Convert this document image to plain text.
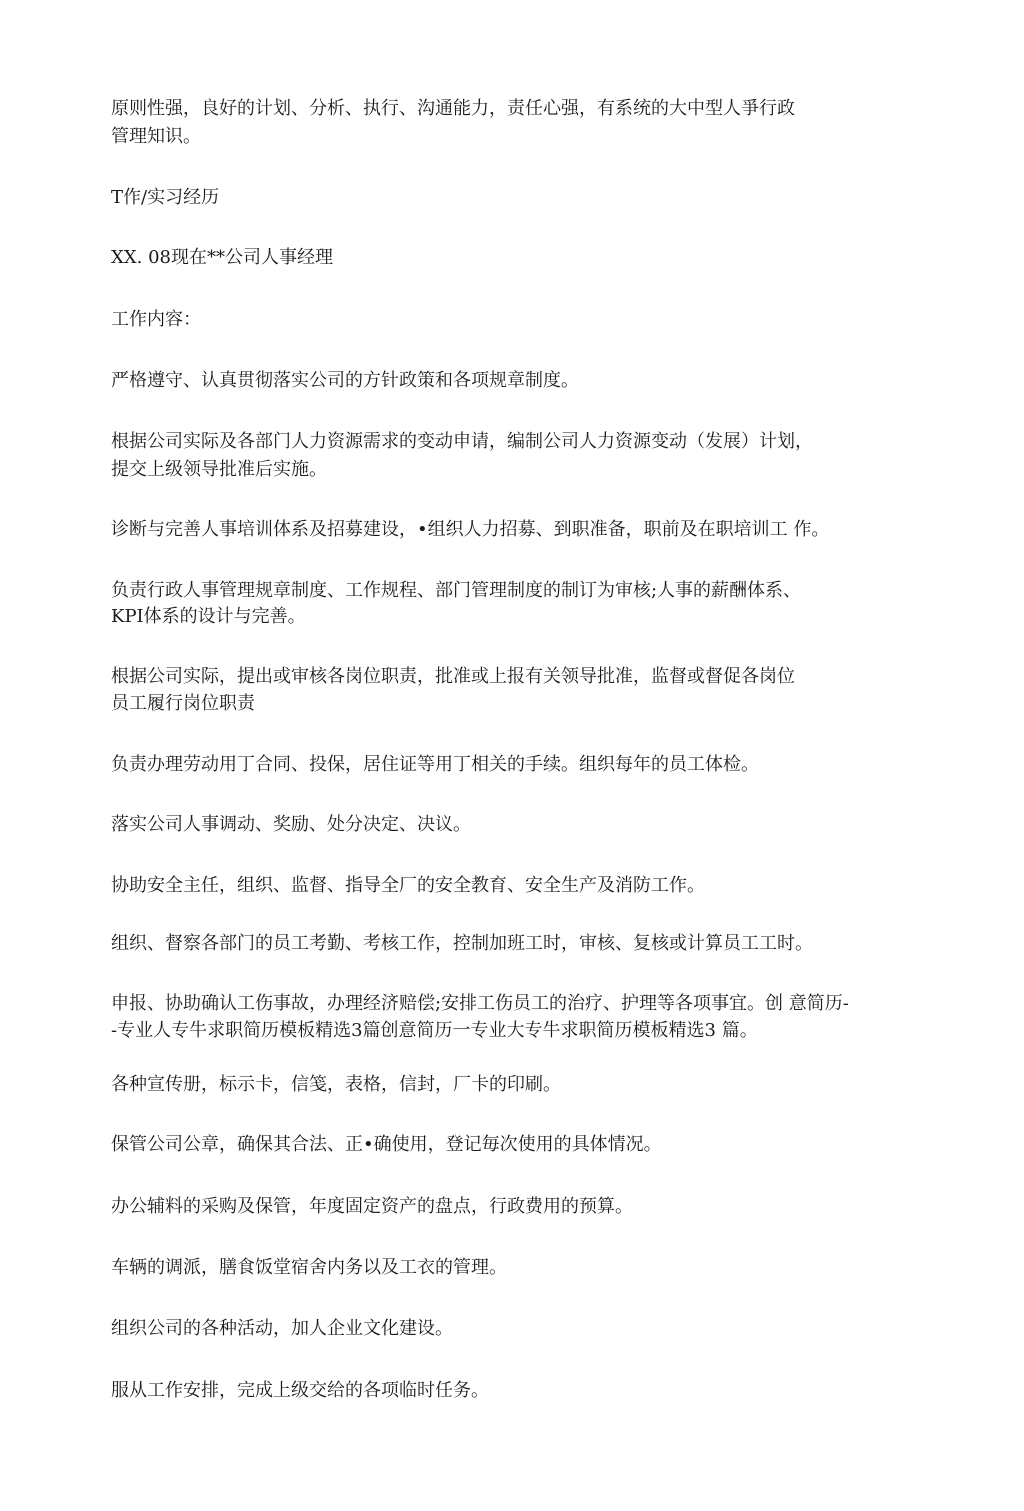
原则性强，良好的计划、分析、执行、沟通能力，责任心强，有系统的大中型人爭行政
管理知识。
T作/实习经历
XX. 08现在**公司人事经理
工作内容：
严格遵守、认真贯彻落实公司的方针政策和各项规章制度。
根据公司实际及各部门人力资源需求的变动申请，编制公司人力资源变动（发展）计划，
提交上级领导批准后实施。
诊断与完善人事培训体系及招募建设，•组织人力招募、到职准备，职前及在职培训工 作。
负责行政人事管理规章制度、工作规程、部门管理制度的制订为审核;人事的薪酬体系、
KPI体系的设计与完善。
根据公司实际，提出或审核各岗位职责，批准或上报有关领导批准，监督或督促各岗位
员工履行岗位职责
负责办理劳动用丁合同、投保，居住证等用丁相关的手续。组织每年的员工体检。
落实公司人事调动、奖励、处分决定、决议。
协助安全主任，组织、监督、指导全厂的安全教育、安全生产及消防工作。
组织、督察各部门的员工考勤、考核工作，控制加班工时，审核、复核或计算员工工时。
申报、协助确认工伤事故，办理经济赔偿;安排工伤员工的治疗、护理等各项事宜。创 意简历-
-专业人专牛求职简历模板精选3篇创意简历一专业大专牛求职简历模板精选3 篇。
各种宣传册，标示卡，信笺，表格，信封，厂卡的印刷。
保管公司公章，确保其合法、正•确使用，登记毎次使用的具体情况。
办公辅料的采购及保管，年度固定资产的盘点，行政费用的预算。
车辆的调派，膳食饭堂宿舍内务以及工衣的管理。
组织公司的各种活动，加人企业文化建设。
服从工作安排，完成上级交给的各项临时任务。
